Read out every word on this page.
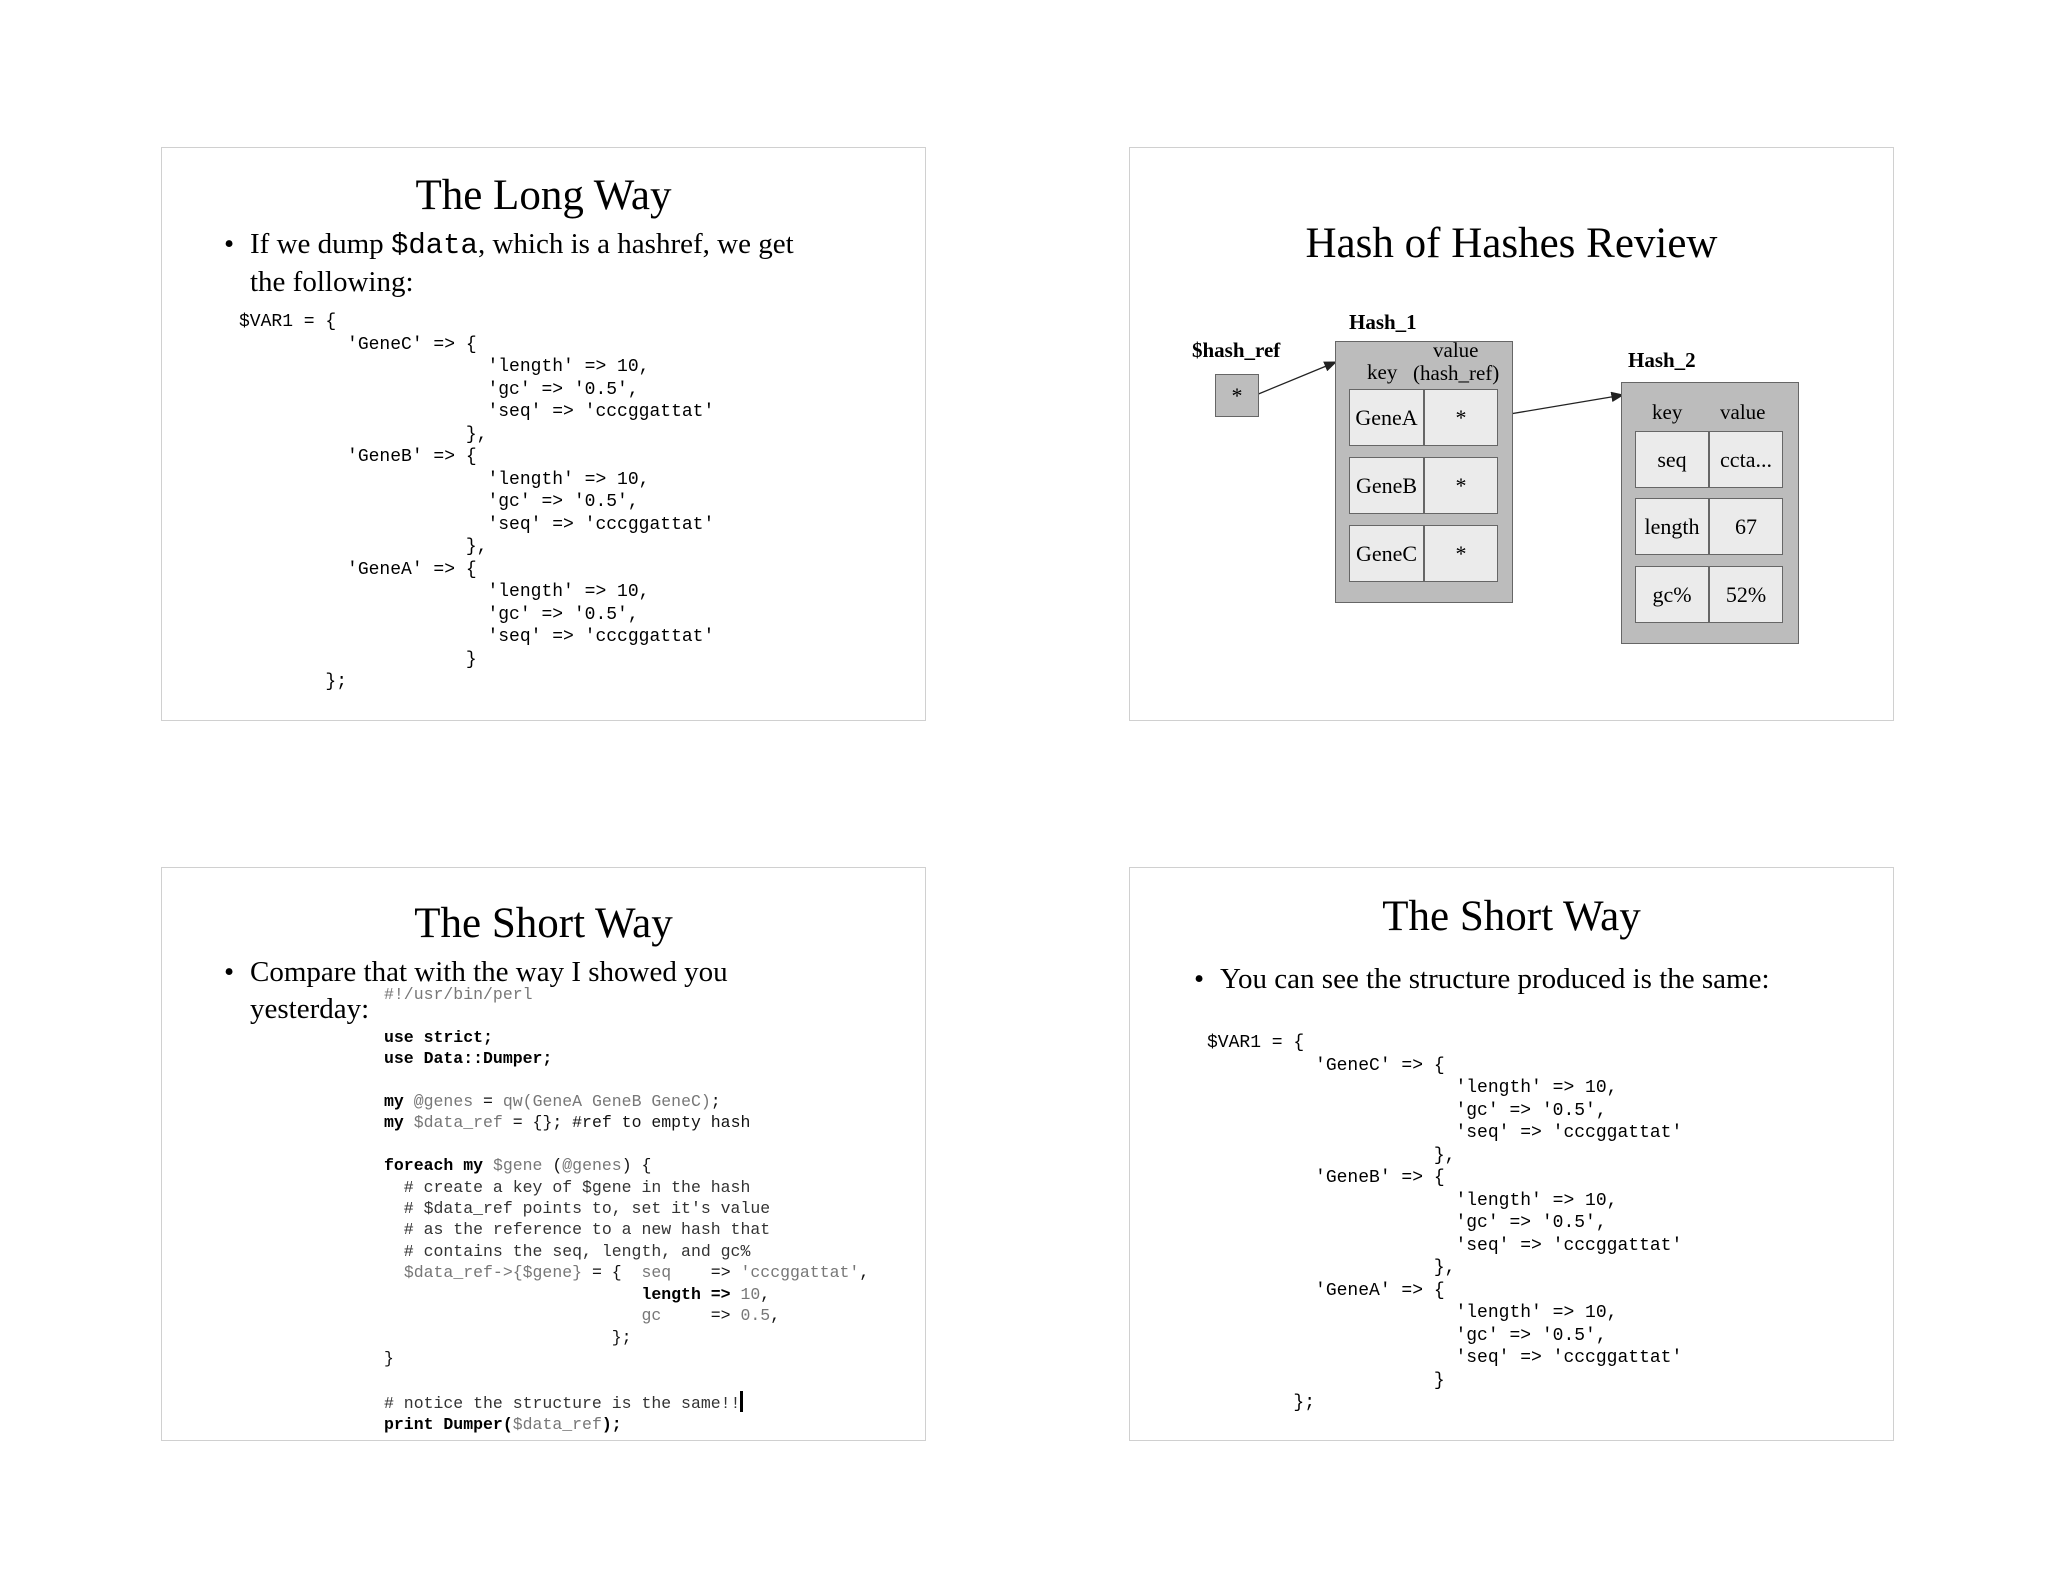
The Long Way
• If we dump $data, which is a hashref, we get
the following:
$VAR1 = {
'GeneC' => {
'length' => 10,
'gc' => '0.5',
'seq' => 'cccggattat'
},
'GeneB' => {
'length' => 10,
'gc' => '0.5',
'seq' => 'cccggattat'
},
'GeneA' => {
'length' => 10,
'gc' => '0.5',
'seq' => 'cccggattat'
}
};
Hash of Hashes Review
$hash_ref
*
Hash_1
key
value
(hash_ref)
GeneA	*
GeneB	*
GeneC	*
Hash_2
key value
seq	ccta...
length	67
gc%	52%
The Short Way
• Compare that with the way I showed you
yesterday: #!/usr/bin/perl

use strict;
use Data::Dumper;

my @genes = qw(GeneA GeneB GeneC);
my $data_ref = {}; #ref to empty hash

foreach my $gene (@genes) {
# create a key of $gene in the hash
# $data_ref points to, set it's value
# as the reference to a new hash that
# contains the seq, length, and gc%
$data_ref->{$gene} = {  seq    => 'cccggattat',
length => 10,
gc     => 0.5,
};
}

# notice the structure is the same!!
print Dumper($data_ref);
The Short Way
• You can see the structure produced is the same:
$VAR1 = {
'GeneC' => {
'length' => 10,
'gc' => '0.5',
'seq' => 'cccggattat'
},
'GeneB' => {
'length' => 10,
'gc' => '0.5',
'seq' => 'cccggattat'
},
'GeneA' => {
'length' => 10,
'gc' => '0.5',
'seq' => 'cccggattat'
}
};
